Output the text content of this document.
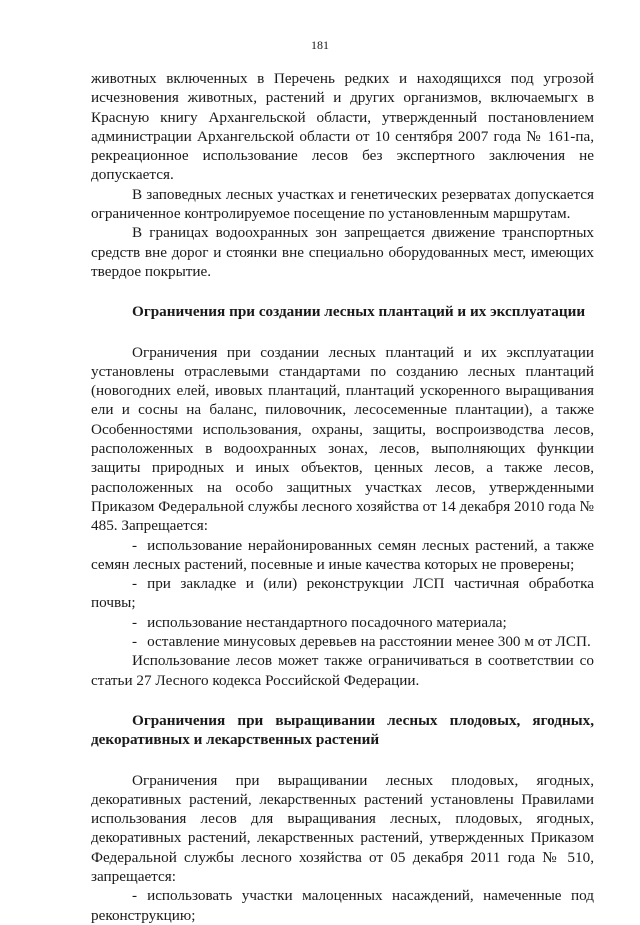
181

животных включенных в Перечень редких и находящихся под угрозой исчезновения животных, растений и других организмов, включаемыгх в Красную книгу Архангельской области, утвержденный постановлением администрации Архангельской области от 10 сентября 2007 года № 161-па, рекреационное использование лесов без экспертного заключения не допускается.

В заповедных лесных участках и генетических резерватах допускается ограниченное контролируемое посещение по установленным маршрутам.

В границах водоохранных зон запрещается движение транспортных средств вне дорог и стоянки вне специально оборудованных мест, имеющих твердое покрытие.

Ограничения при создании лесных плантаций и их эксплуатации

Ограничения при создании лесных плантаций и их эксплуатации установлены отраслевыми стандартами по созданию лесных плантаций (новогодних елей, ивовых плантаций, плантаций ускоренного выращивания ели и сосны на баланс, пиловочник, лесосеменные плантации), а также Особенностями использования, охраны, защиты, воспроизводства лесов, расположенных в водоохранных зонах, лесов, выполняющих функции защиты природных и иных объектов, ценных лесов, а также лесов, расположенных на особо защитных участках лесов, утвержденными Приказом Федеральной службы лесного хозяйства от 14 декабря 2010 года № 485. Запрещается:

- использование нерайонированных семян лесных растений, а также семян лесных растений, посевные и иные качества которых не проверены;

- при закладке и (или) реконструкции ЛСП частичная обработка почвы;

- использование нестандартного посадочного материала;

- оставление минусовых деревьев на расстоянии менее 300 м от ЛСП.

Использование лесов может также ограничиваться в соответствии со статьи 27 Лесного кодекса Российской Федерации.

Ограничения при выращивании лесных плодовых, ягодных, декоративных и лекарственных растений

Ограничения при выращивании лесных плодовых, ягодных, декоративных растений, лекарственных растений установлены Правилами использования лесов для выращивания лесных, плодовых, ягодных, декоративных растений, лекарственных растений, утвержденных Приказом Федеральной службы лесного хозяйства от 05 декабря 2011 года № 510, запрещается:

- использовать участки малоценных насаждений, намеченные под реконструкцию;
